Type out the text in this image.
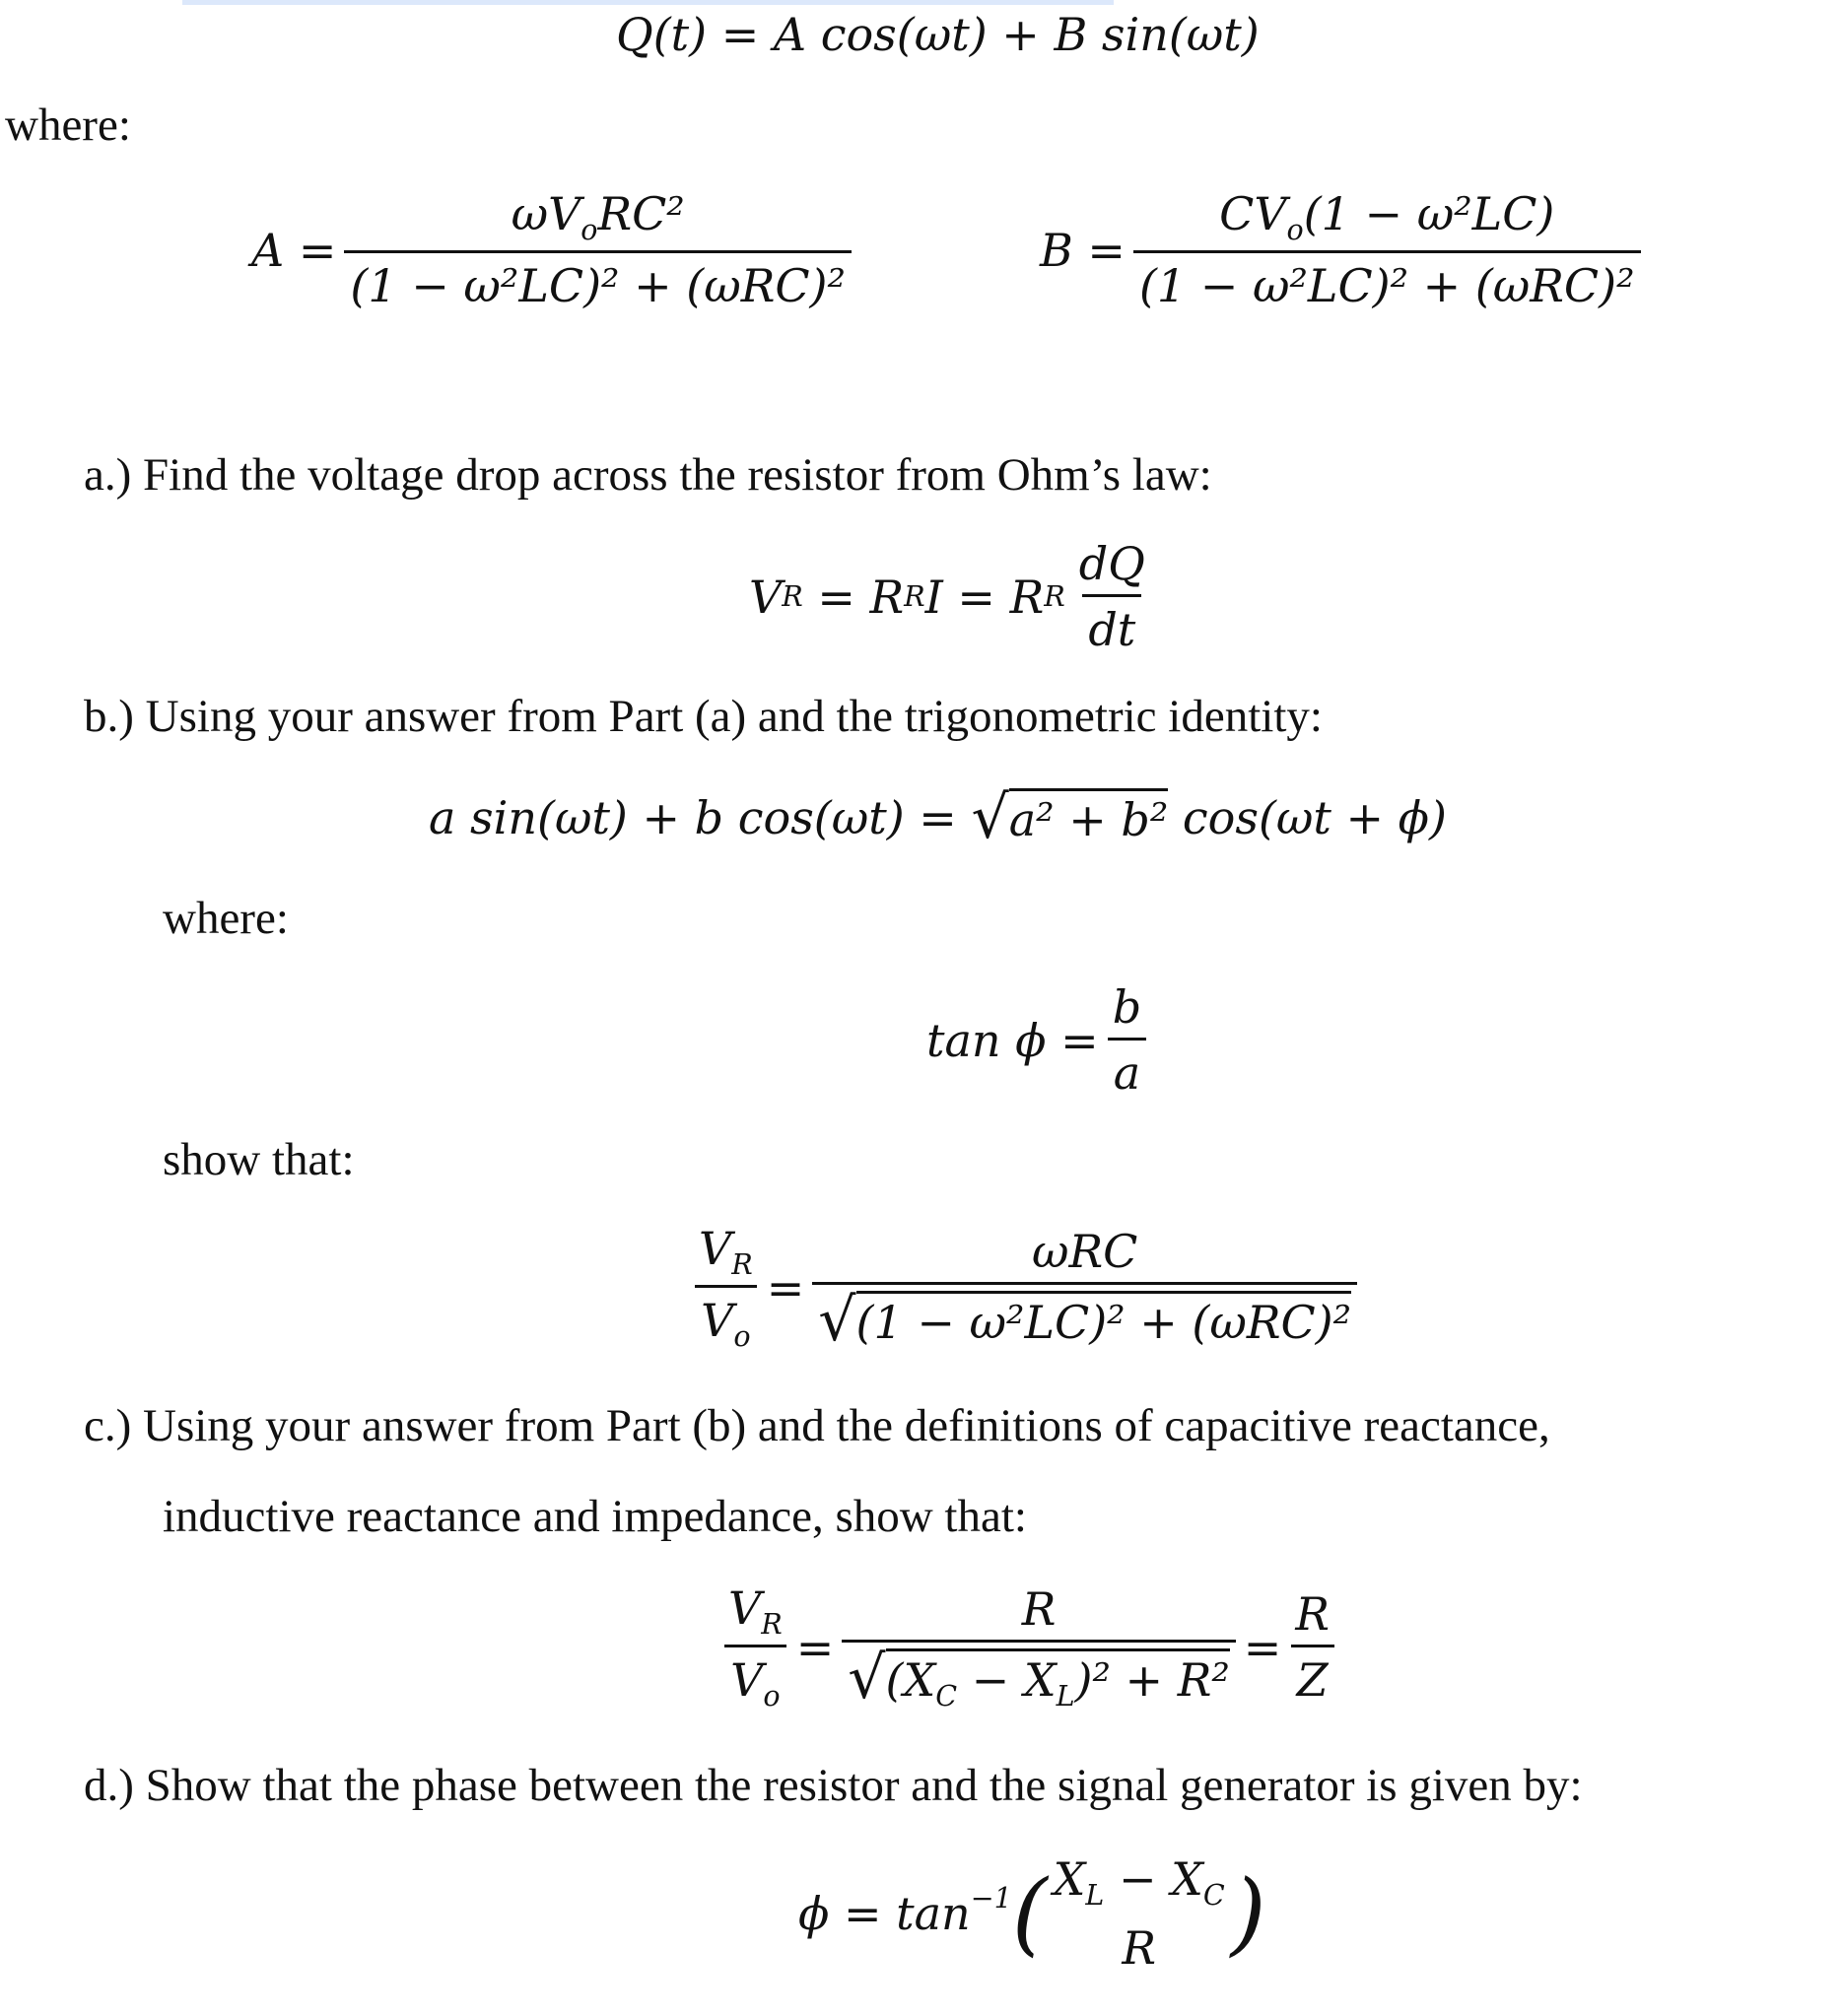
Q(t) = A cos(ωt) + B sin(ωt)
where:
A =
$\omega V_oRC^2$
(1 − ω²LC)² + (ωRC)²
B =
$CV_o(1 - \omega^2LC)$
(1 − ω²LC)² + (ωRC)²
a.) Find the voltage drop across the resistor from Ohm’s law:
V R
= R R I = R R
dQ
dt
b.) Using your answer from Part (a) and the trigonometric identity:
a sin(ωt) + b cos(ωt) =
√ a² + b²
cos(ωt + ϕ)
where:
$\tan \phi = \frac{b}{a}$
show that:
$\frac{V_R}{V_o}$ =
ωRC
√ (1 − ω²LC)² + (ωRC)²
c.) Using your answer from Part (b) and the definitions of capacitive reactance,
inductive reactance and impedance, show that:
$\frac{V_R}{V_o} = \frac{R}{√ (X_C - X_L)^2 + R^2} = \frac{R}{Z}$
d.) Show that the phase between the resistor and the signal generator is given by:
$\phi = \tan^{-1}$ ( $X_L - X_C$
R )
